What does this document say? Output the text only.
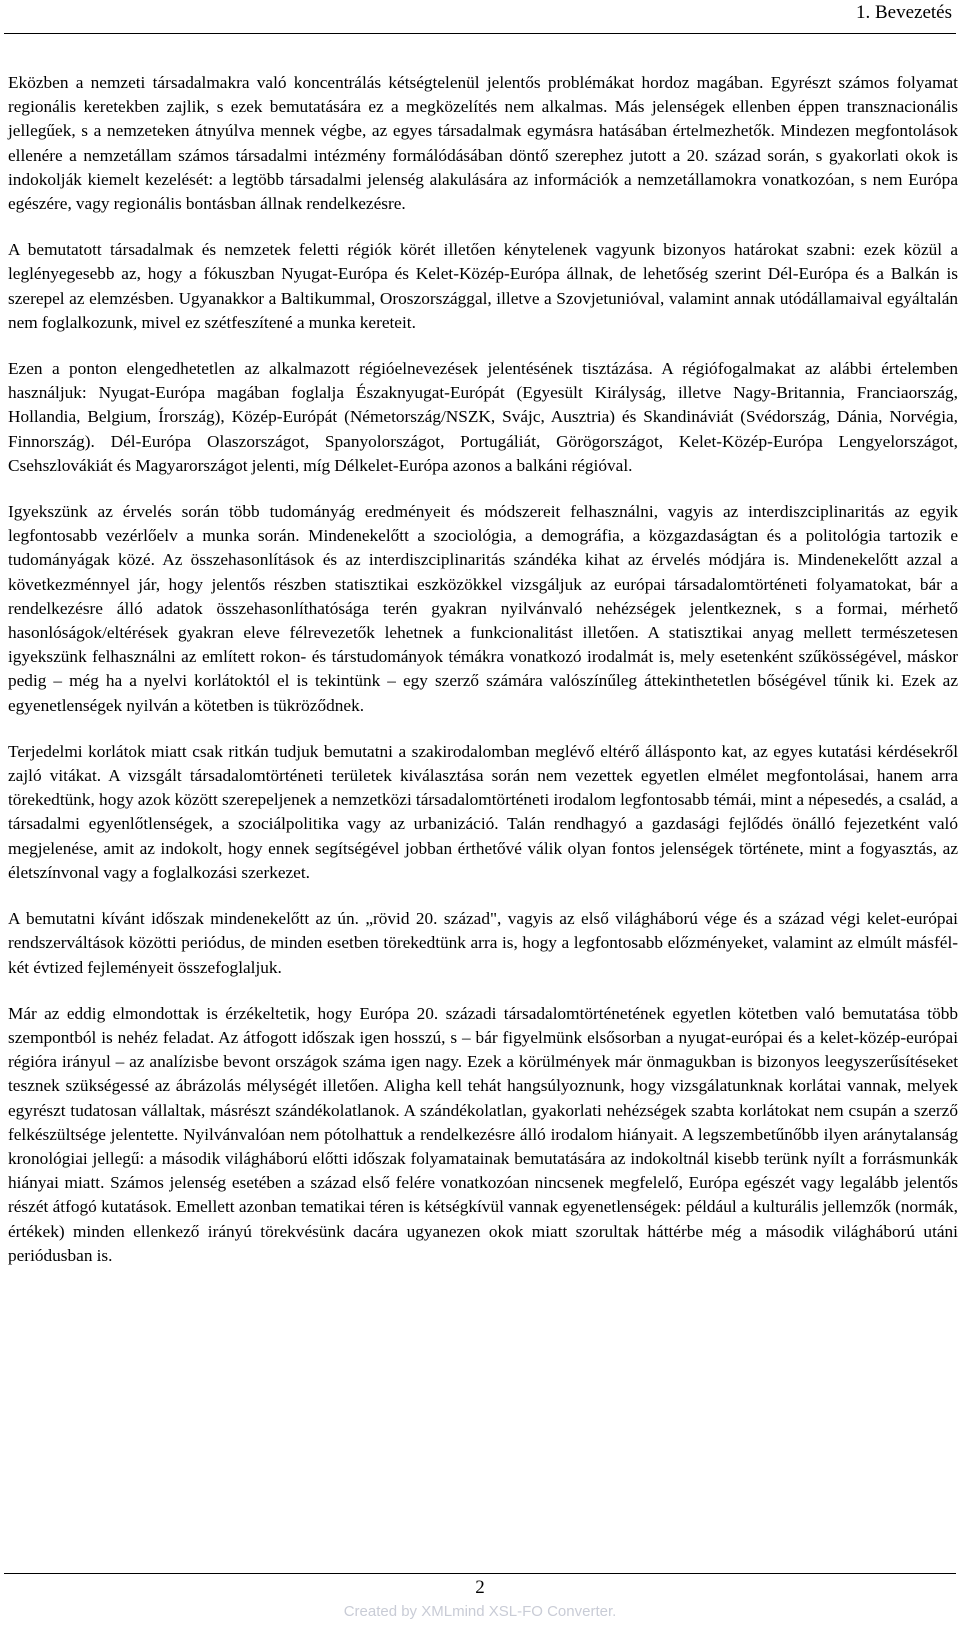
1. Bevezetés

Eközben a nemzeti társadalmakra való koncentrálás kétségtelenül jelentős problémákat hordoz magában. Egyrészt számos folyamat regionális keretekben zajlik, s ezek bemutatására ez a megközelítés nem alkalmas. Más jelenségek ellenben éppen transznacionális jellegűek, s a nemzeteken átnyúlva mennek végbe, az egyes társadalmak egymásra hatásában értelmezhetők. Mindezen megfontolások ellenére a nemzetállam számos társadalmi intézmény formálódásában döntő szerephez jutott a 20. század során, s gyakorlati okok is indokolják kiemelt kezelését: a legtöbb társadalmi jelenség alakulására az információk a nemzetállamokra vonatkozóan, s nem Európa egészére, vagy regionális bontásban állnak rendelkezésre.

A bemutatott társadalmak és nemzetek feletti régiók körét illetően kénytelenek vagyunk bizonyos határokat szabni: ezek közül a leglényegesebb az, hogy a fókuszban Nyugat-Európa és Kelet-Közép-Európa állnak, de lehetőség szerint Dél-Európa és a Balkán is szerepel az elemzésben. Ugyanakkor a Baltikummal, Oroszországgal, illetve a Szovjetunióval, valamint annak utódállamaival egyáltalán nem foglalkozunk, mivel ez szétfeszítené a munka kereteit.

Ezen a ponton elengedhetetlen az alkalmazott régióelnevezések jelentésének tisztázása. A régiófogalmakat az alábbi értelemben használjuk: Nyugat-Európa magában foglalja Északnyugat-Európát (Egyesült Királyság, illetve Nagy-Britannia, Franciaország, Hollandia, Belgium, Írország), Közép-Európát (Németország/NSZK, Svájc, Ausztria) és Skandináviát (Svédország, Dánia, Norvégia, Finnország). Dél-Európa Olaszországot, Spanyolországot, Portugáliát, Görögországot, Kelet-Közép-Európa Lengyelországot, Csehszlovákiát és Magyarországot jelenti, míg Délkelet-Európa azonos a balkáni régióval.

Igyekszünk az érvelés során több tudományág eredményeit és módszereit felhasználni, vagyis az interdiszciplinaritás az egyik legfontosabb vezérlőelv a munka során. Mindenekelőtt a szociológia, a demográfia, a közgazdaságtan és a politológia tartozik e tudományágak közé. Az összehasonlítások és az interdiszciplinaritás szándéka kihat az érvelés módjára is. Mindenekelőtt azzal a következménnyel jár, hogy jelentős részben statisztikai eszközökkel vizsgáljuk az európai társadalomtörténeti folyamatokat, bár a rendelkezésre álló adatok összehasonlíthatósága terén gyakran nyilvánvaló nehézségek jelentkeznek, s a formai, mérhető hasonlóságok/eltérések gyakran eleve félrevezetők lehetnek a funkcionalitást illetően. A statisztikai anyag mellett természetesen igyekszünk felhasználni az említett rokon- és társtudományok témákra vonatkozó irodalmát is, mely esetenként szűkösségével, máskor pedig – még ha a nyelvi korlátoktól el is tekintünk – egy szerző számára valószínűleg áttekinthetetlen bőségével tűnik ki. Ezek az egyenetlenségek nyilván a kötetben is tükröződnek.

Terjedelmi korlátok miatt csak ritkán tudjuk bemutatni a szakirodalomban meglévő eltérő állásponto kat, az egyes kutatási kérdésekről zajló vitákat. A vizsgált társadalomtörténeti területek kiválasztása során nem vezettek egyetlen elmélet megfontolásai, hanem arra törekedtünk, hogy azok között szerepeljenek a nemzetközi társadalomtörténeti irodalom legfontosabb témái, mint a népesedés, a család, a társadalmi egyenlőtlenségek, a szociálpolitika vagy az urbanizáció. Talán rendhagyó a gazdasági fejlődés önálló fejezetként való megjelenése, amit az indokolt, hogy ennek segítségével jobban érthetővé válik olyan fontos jelenségek története, mint a fogyasztás, az életszínvonal vagy a foglalkozási szerkezet.

A bemutatni kívánt időszak mindenekelőtt az ún. „rövid 20. század", vagyis az első világháború vége és a század végi kelet-európai rendszerváltások közötti periódus, de minden esetben törekedtünk arra is, hogy a legfontosabb előzményeket, valamint az elmúlt másfél-két évtized fejleményeit összefoglaljuk.

Már az eddig elmondottak is érzékeltetik, hogy Európa 20. századi társadalomtörténetének egyetlen kötetben való bemutatása több szempontból is nehéz feladat. Az átfogott időszak igen hosszú, s – bár figyelmünk elsősorban a nyugat-európai és a kelet-közép-európai régióra irányul – az analízisbe bevont országok száma igen nagy. Ezek a körülmények már önmagukban is bizonyos leegyszerűsítéseket tesznek szükségessé az ábrázolás mélységét illetően. Aligha kell tehát hangsúlyoznunk, hogy vizsgálatunknak korlátai vannak, melyek egyrészt tudatosan vállaltak, másrészt szándékolatlanok. A szándékolatlan, gyakorlati nehézségek szabta korlátokat nem csupán a szerző felkészültsége jelentette. Nyilvánvalóan nem pótolhattuk a rendelkezésre álló irodalom hiányait. A legszembetűnőbb ilyen aránytalanság kronológiai jellegű: a második világháború előtti időszak folyamatainak bemutatására az indokoltnál kisebb terünk nyílt a forrásmunkák hiányai miatt. Számos jelenség esetében a század első felére vonatkozóan nincsenek megfelelő, Európa egészét vagy legalább jelentős részét átfogó kutatások. Emellett azonban tematikai téren is kétségkívül vannak egyenetlenségek: például a kulturális jellemzők (normák, értékek) minden ellenkező irányú törekvésünk dacára ugyanezen okok miatt szorultak háttérbe még a második világháború utáni periódusban is.

2
Created by XMLmind XSL-FO Converter.
